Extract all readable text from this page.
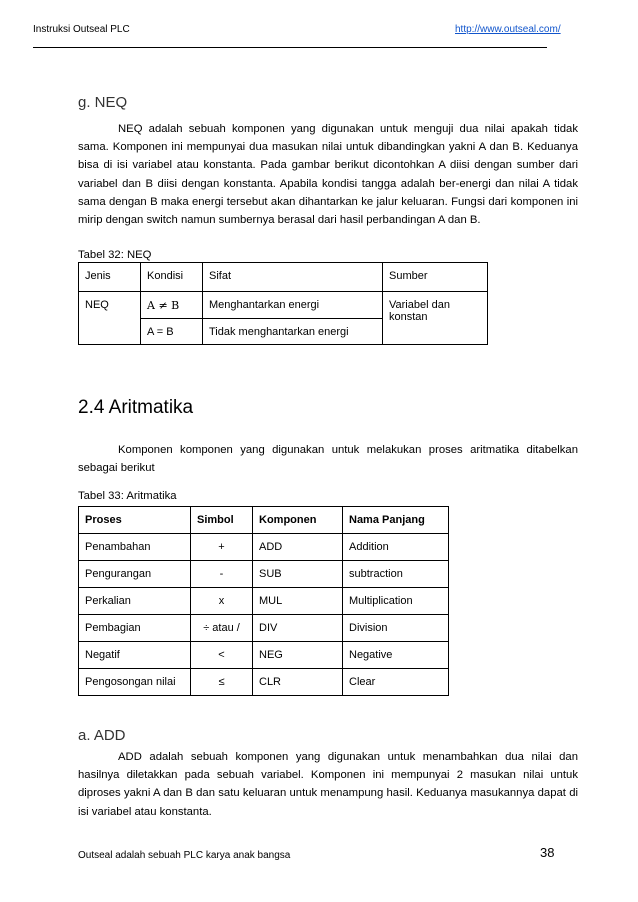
Instruksi Outseal PLC	http://www.outseal.com/
g. NEQ

NEQ adalah sebuah komponen yang digunakan untuk menguji dua nilai apakah tidak sama. Komponen ini mempunyai dua masukan nilai untuk dibandingkan yakni A dan B. Keduanya bisa di isi variabel atau konstanta. Pada gambar berikut dicontohkan A diisi dengan sumber dari variabel dan B diisi dengan konstanta. Apabila kondisi tangga adalah ber-energi dan nilai A tidak sama dengan B maka energi tersebut akan dihantarkan ke jalur keluaran. Fungsi dari komponen ini mirip dengan switch namun sumbernya berasal dari hasil perbandingan A dan B.

Tabel 32: NEQ
Jenis	Kondisi	Sifat	Sumber
NEQ	A ≠ B	Menghantarkan energi	Variabel dan konstan
	A = B	Tidak menghantarkan energi	
2.4 Aritmatika

Komponen komponen yang digunakan untuk melakukan proses aritmatika ditabelkan sebagai berikut

Tabel 33: Aritmatika
Proses	Simbol	Komponen	Nama Panjang
Penambahan	+	ADD	Addition
Pengurangan	-	SUB	subtraction
Perkalian	x	MUL	Multiplication
Pembagian	÷ atau /	DIV	Division
Negatif	<	NEG	Negative
Pengosongan nilai	≤	CLR	Clear
a. ADD

ADD adalah sebuah komponen yang digunakan untuk menambahkan dua nilai dan hasilnya diletakkan pada sebuah variabel. Komponen ini mempunyai 2 masukan nilai untuk diproses yakni A dan B dan satu keluaran untuk menampung hasil. Keduanya masukannya dapat di isi variabel atau konstanta.

Outseal adalah sebuah PLC karya anak bangsa	38
